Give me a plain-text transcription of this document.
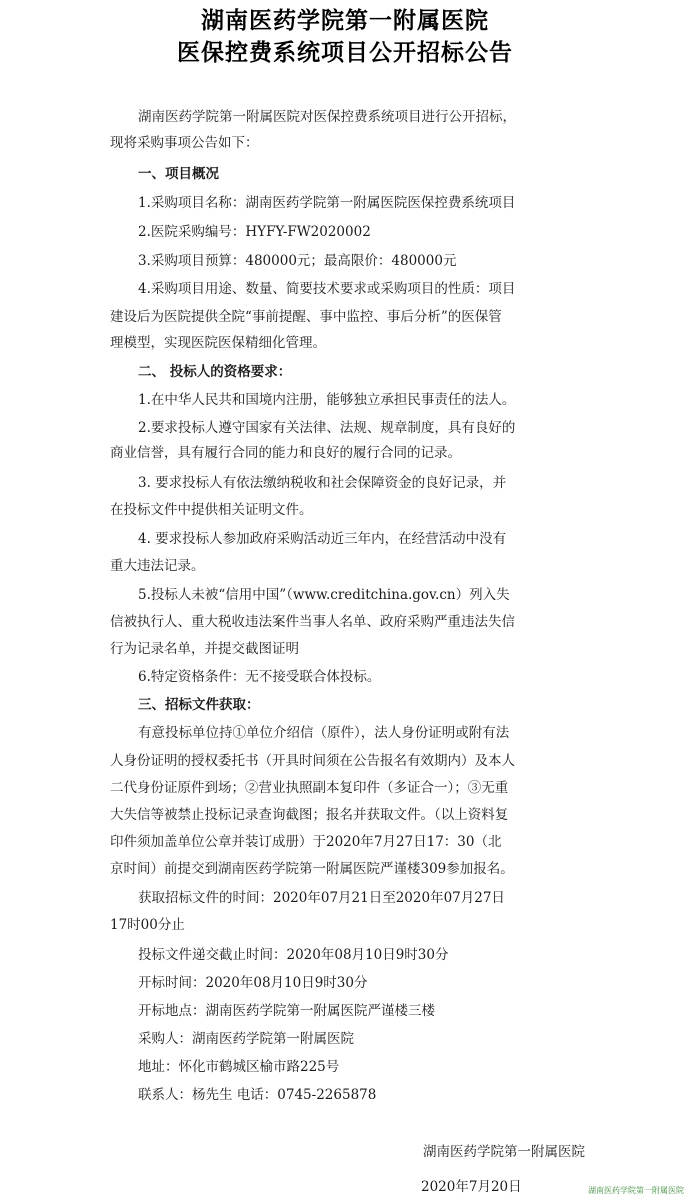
湖南医药学院第一附属医院
医保控费系统项目公开招标公告
湖南医药学院第一附属医院对医保控费系统项目进行公开招标，
现将采购事项公告如下：
一、项目概况
1.采购项目名称：湖南医药学院第一附属医院医保控费系统项目
2.医院采购编号：HYFY-FW2020002
3.采购项目预算：480000元；最高限价：480000元
4.采购项目用途、数量、简要技术要求或采购项目的性质：项目
建设后为医院提供全院“事前提醒、事中监控、事后分析”的医保管
理模型，实现医院医保精细化管理。
二、 投标人的资格要求：
1.在中华人民共和国境内注册，能够独立承担民事责任的法人。
2.要求投标人遵守国家有关法律、法规、规章制度，具有良好的
商业信誉，具有履行合同的能力和良好的履行合同的记录。
3. 要求投标人有依法缴纳税收和社会保障资金的良好记录，并
在投标文件中提供相关证明文件。
4. 要求投标人参加政府采购活动近三年内，在经营活动中没有
重大违法记录。
5.投标人未被“信用中国”（www.creditchina.gov.cn）列入失
信被执行人、重大税收违法案件当事人名单、政府采购严重违法失信
行为记录名单，并提交截图证明
6.特定资格条件：无不接受联合体投标。
三、招标文件获取：
有意投标单位持①单位介绍信（原件），法人身份证明或附有法
人身份证明的授权委托书（开具时间须在公告报名有效期内）及本人
二代身份证原件到场；②营业执照副本复印件（多证合一）；③无重
大失信等被禁止投标记录查询截图；报名并获取文件。（以上资料复
印件须加盖单位公章并装订成册）于2020年7月27日17：30（北
京时间）前提交到湖南医药学院第一附属医院严谨楼309参加报名。
获取招标文件的时间：2020年07月21日至2020年07月27日
17时00分止
投标文件递交截止时间：2020年08月10日9时30分
开标时间：2020年08月10日9时30分
开标地点：湖南医药学院第一附属医院严谨楼三楼
采购人：湖南医药学院第一附属医院
地址：怀化市鹤城区榆市路225号
联系人：杨先生 电话：0745-2265878
湖南医药学院第一附属医院
2020年7月20日	湖南医药学院第一附属医院
